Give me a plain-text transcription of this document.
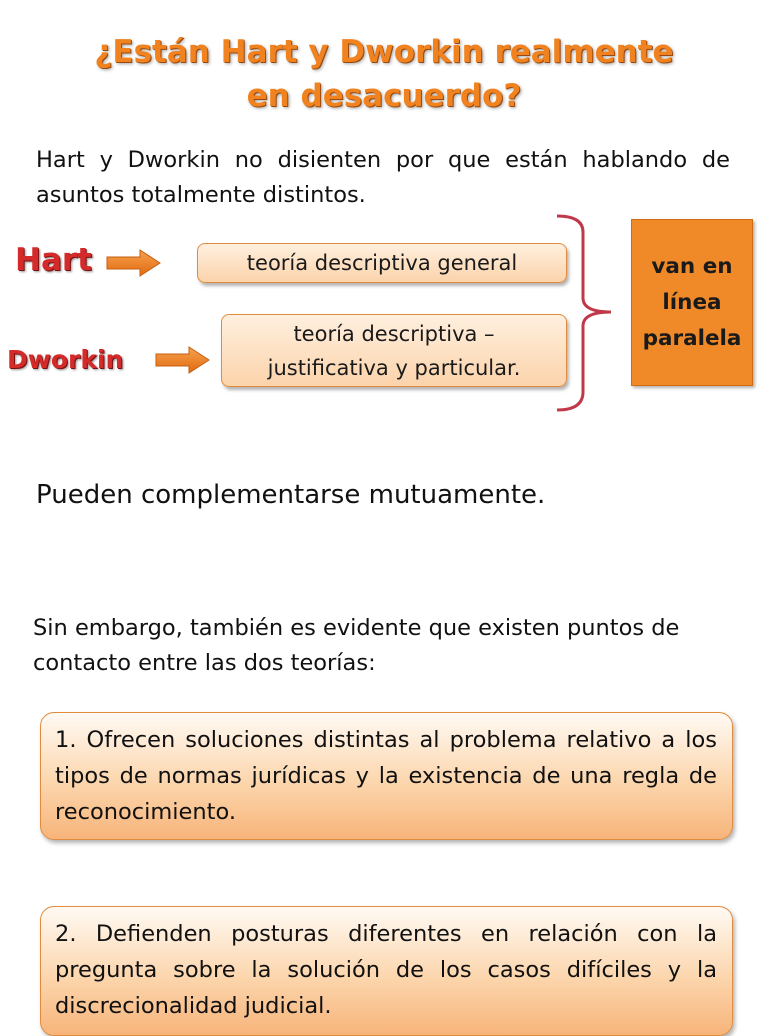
¿Están Hart y Dworkin realmente
en desacuerdo?

Hart y Dworkin no disienten por que están hablando de asuntos totalmente distintos.

Hart	teoría descriptiva general
Dworkin
teoría descriptiva –
justificativa y particular.
van en
línea
paralela

Pueden complementarse mutuamente.

Sin embargo, también es evidente que existen puntos de contacto entre las dos teorías:

1. Ofrecen soluciones distintas al problema relativo a los tipos de normas jurídicas y la existencia de una regla de reconocimiento.
2. Defienden posturas diferentes en relación con la pregunta sobre la solución de los casos difíciles y la discrecionalidad judicial.
